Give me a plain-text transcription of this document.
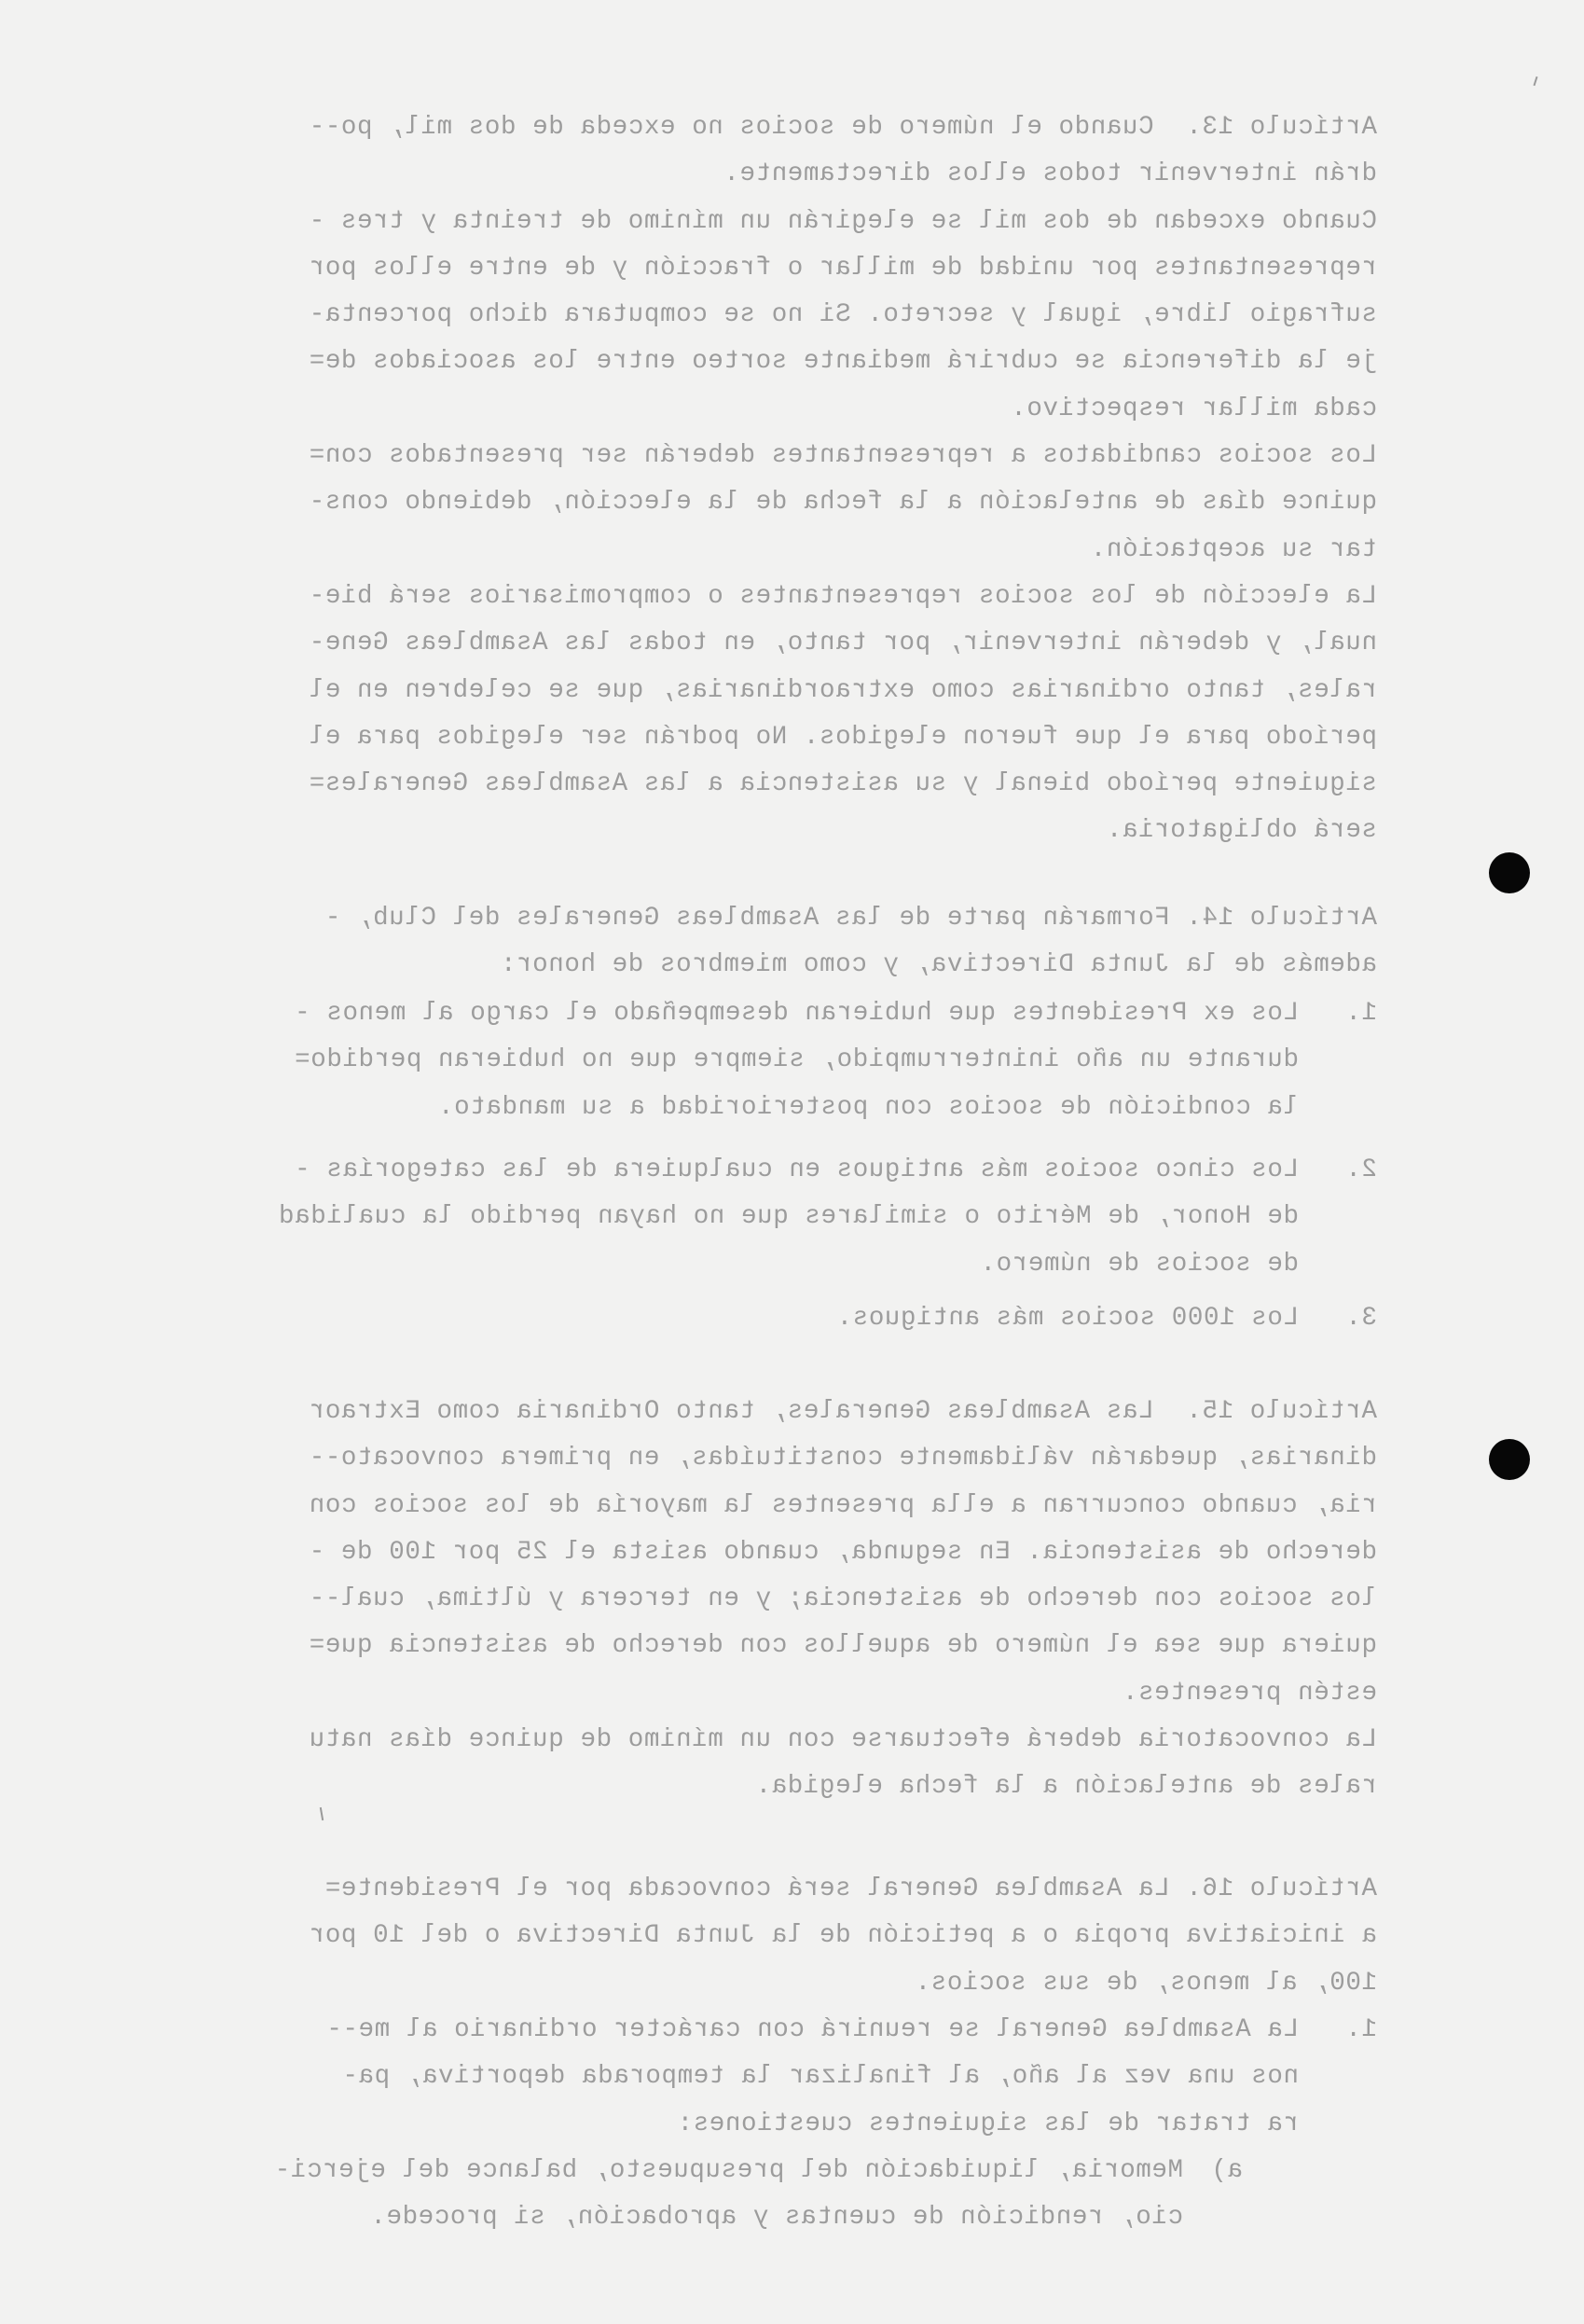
Artículo 13.  Cuando el número de socios no exceda de dos mil, po--
drán intervenir todos ellos directamente.
Cuando excedan de dos mil se elegirán un mínimo de treinta y tres -
representantes por unidad de millar o fracción y de entre ellos por
sufragio libre, igual y secreto. Si no se computara dicho porcenta-
je la diferencia se cubrirá mediante sorteo entre los asociados de=
cada millar respectivo.
Los socios candidatos a representantes deberán ser presentados con=
quince días de antelación a la fecha de la elección, debiendo cons-
tar su aceptación.
La elección de los socios representantes o compromisarios será bie-
nual, y deberán intervenir, por tanto, en todas las Asambleas Gene-
rales, tanto ordinarias como extraordinarias, que se celebren en el
período para el que fueron elegidos. No podrán ser elegidos para el
siguiente período bienal y su asistencia a las Asambleas Generales=
será obligatoria.
Artículo 14. Formarán parte de las Asambleas Generales del Club, -
además de la Junta Directiva, y como miembros de honor:
1.
Los ex Presidentes que hubieran desempeñado el cargo al menos -
durante un año ininterrumpido, siempre que no hubieran perdido=
la condición de socios con posterioridad a su mandato.
2.
Los cinco socios más antiguos en cualquiera de las categorías -
de Honor, de Mérito o similares que no hayan perdido la cualidad
de socios de número.
3.
Los 1000 socios más antiguos.
Artículo 15.  Las Asambleas Generales, tanto Ordinaria como Extraor
dinarias, quedarán válidamente constituídas, en primera convocato--
ria, cuando concurran a ella presentes la mayoría de los socios con
derecho de asistencia. En segunda, cuando asista el 25 por 100 de -
los socios con derecho de asistencia; y en tercera y última, cual--
quiera que sea el número de aquellos con derecho de asistencia que=
estén presentes.
La convocatoria deberá efectuarse con un mínimo de quince días natu
rales de antelación a la fecha elegida.
Artículo 16. La Asamblea General será convocada por el Presidente=
a iniciativa propia o a petición de la Junta Directiva o del 10 por
100, al menos, de sus socios.
1.
La Asamblea General se reunirá con carácter ordinario al me--
nos una vez al año, al finalizar la temporada deportiva, pa-
ra tratar de las siguientes cuestiones:
a)
Memoria, liquidación del presupuesto, balance del ejerci-
cio, rendición de cuentas y aprobación, si procede.
